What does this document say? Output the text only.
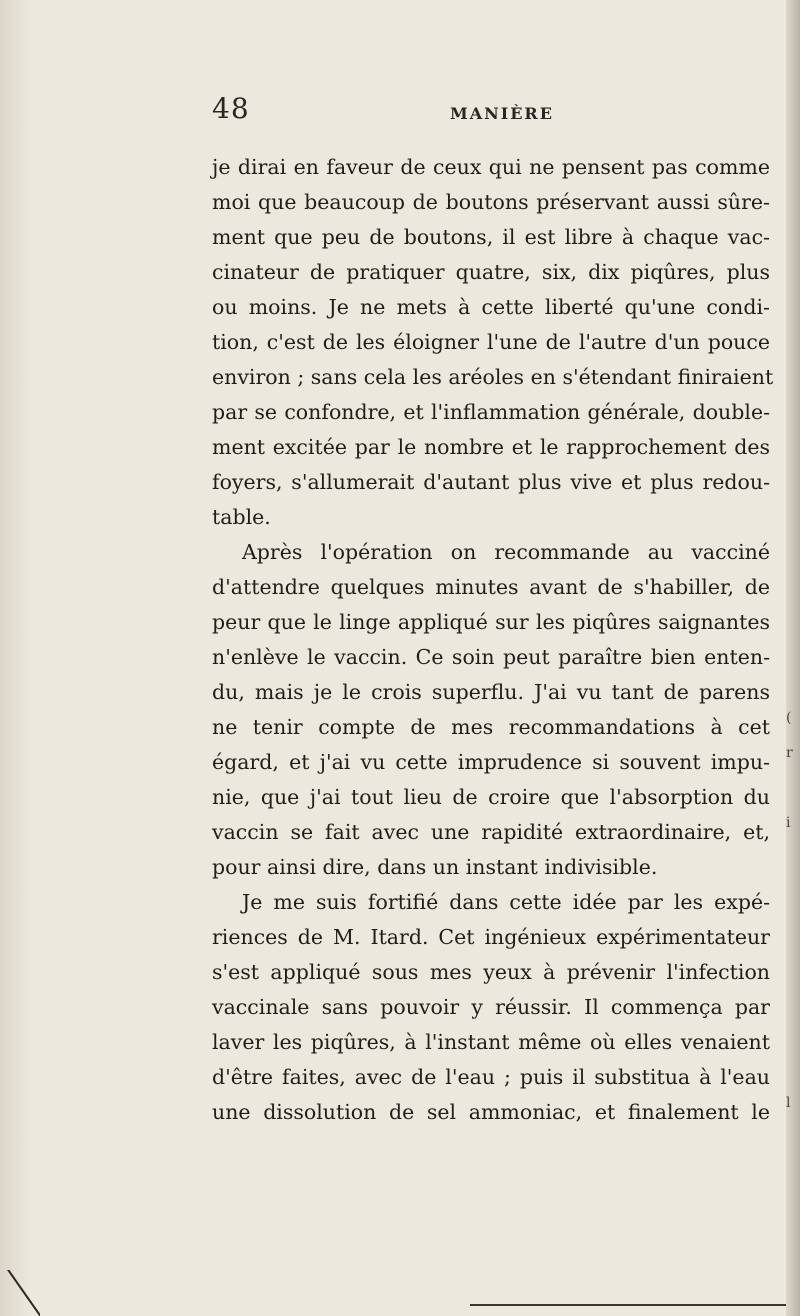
48	MANIÈRE
je dirai en faveur de ceux qui ne pensent pas comme
moi que beaucoup de boutons préservant aussi sûre-
ment que peu de boutons, il est libre à chaque vac-
cinateur de pratiquer quatre, six, dix piqûres, plus
ou moins. Je ne mets à cette liberté qu'une condi-
tion, c'est de les éloigner l'une de l'autre d'un pouce
environ ; sans cela les aréoles en s'étendant finiraient
par se confondre, et l'inflammation générale, double-
ment excitée par le nombre et le rapprochement des
foyers, s'allumerait d'autant plus vive et plus redou-
table.
Après l'opération on recommande au vacciné
d'attendre quelques minutes avant de s'habiller, de
peur que le linge appliqué sur les piqûres saignantes
n'enlève le vaccin. Ce soin peut paraître bien enten-
du, mais je le crois superflu. J'ai vu tant de parens
ne tenir compte de mes recommandations à cet
égard, et j'ai vu cette imprudence si souvent impu-
nie, que j'ai tout lieu de croire que l'absorption du
vaccin se fait avec une rapidité extraordinaire, et,
pour ainsi dire, dans un instant indivisible.
Je me suis fortifié dans cette idée par les expé-
riences de M. Itard. Cet ingénieux expérimentateur
s'est appliqué sous mes yeux à prévenir l'infection
vaccinale sans pouvoir y réussir. Il commença par
laver les piqûres, à l'instant même où elles venaient
d'être faites, avec de l'eau ; puis il substitua à l'eau
une dissolution de sel ammoniac, et finalement le
(
r
i
l
